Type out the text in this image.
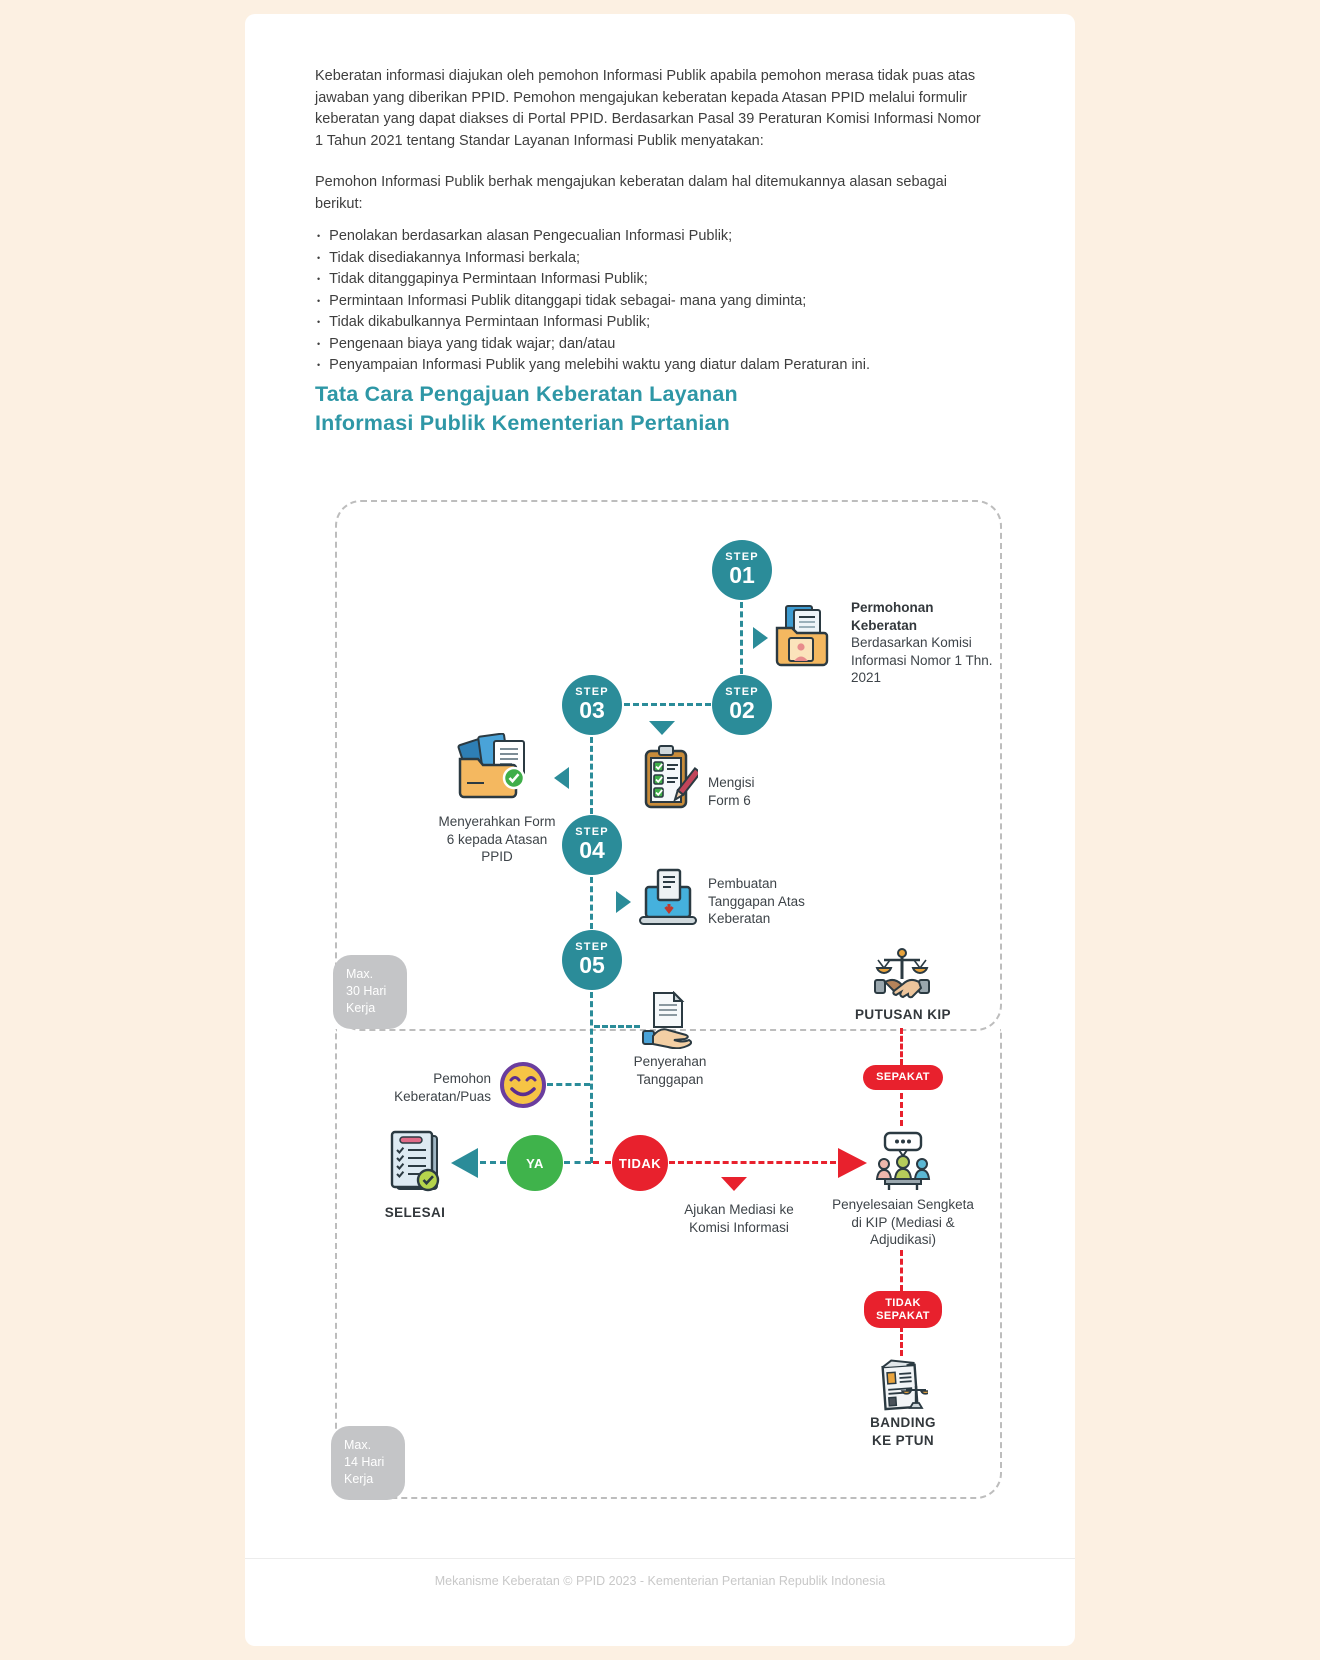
Keberatan informasi diajukan oleh pemohon Informasi Publik apabila pemohon merasa tidak puas atas jawaban yang diberikan PPID. Pemohon mengajukan keberatan kepada Atasan PPID melalui formulir keberatan yang dapat diakses di Portal PPID. Berdasarkan Pasal 39 Peraturan Komisi Informasi Nomor 1 Tahun 2021 tentang Standar Layanan Informasi Publik menyatakan:

Pemohon Informasi Publik berhak mengajukan keberatan dalam hal ditemukannya alasan sebagai berikut:

• Penolakan berdasarkan alasan Pengecualian Informasi Publik;
• Tidak disediakannya Informasi berkala;
• Tidak ditanggapinya Permintaan Informasi Publik;
• Permintaan Informasi Publik ditanggapi tidak sebagai- mana yang diminta;
• Tidak dikabulkannya Permintaan Informasi Publik;
• Pengenaan biaya yang tidak wajar; dan/atau
• Penyampaian Informasi Publik yang melebihi waktu yang diatur dalam Peraturan ini.
Tata Cara Pengajuan Keberatan Layanan Informasi Publik Kementerian Pertanian
Max.
30 Hari
Kerja
Max.
14 Hari
Kerja
STEP
01
STEP
02
STEP
03
STEP
04
STEP
05
YA	TIDAK
SEPAKAT
TIDAK SEPAKAT
Permohonan Keberatan
Berdasarkan Komisi Informasi Nomor 1 Thn. 2021
Mengisi Form 6
Menyerahkan Form 6 kepada Atasan PPID
Pembuatan Tanggapan Atas Keberatan
Penyerahan Tanggapan
Pemohon Keberatan/Puas
SELESAI	Ajukan Mediasi ke Komisi Informasi
PUTUSAN KIP
Penyelesaian Sengketa di KIP (Mediasi & Adjudikasi)
BANDING KE PTUN
Mekanisme Keberatan © PPID 2023 - Kementerian Pertanian Republik Indonesia
